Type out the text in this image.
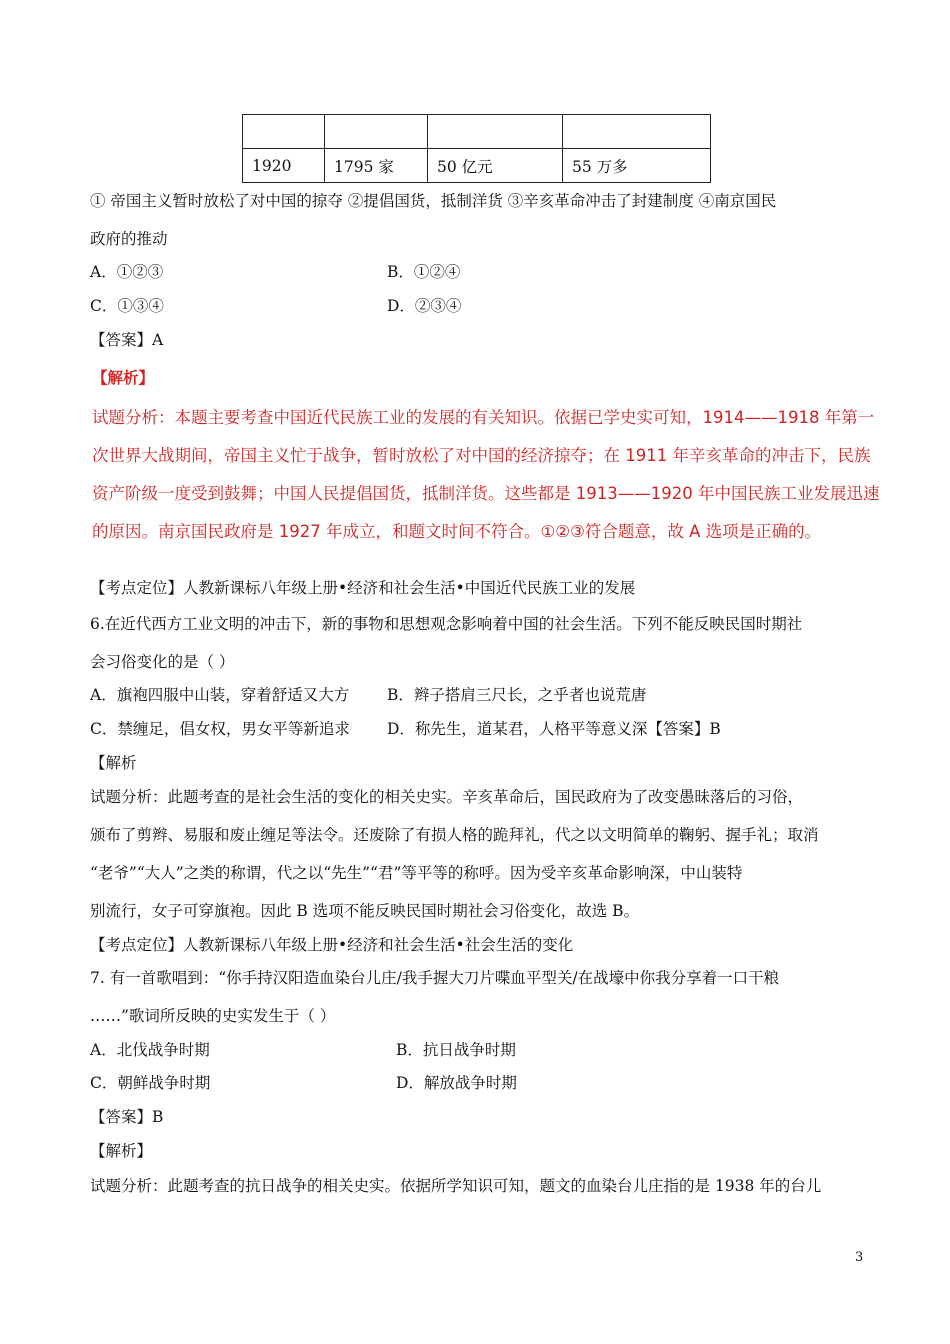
1920	1795 家	50 亿元	55 万多
① 帝国主义暂时放松了对中国的掠夺 ②提倡国货，抵制洋货 ③辛亥革命冲击了封建制度 ④南京国民
政府的推动
A．①②③	B．①②④
C．①③④	D．②③④
【答案】A
【解析】
试题分析：本题主要考查中国近代民族工业的发展的有关知识。依据已学史实可知，1914——1918 年第一
次世界大战期间，帝国主义忙于战争，暂时放松了对中国的经济掠夺；在 1911 年辛亥革命的冲击下，民族
资产阶级一度受到鼓舞；中国人民提倡国货，抵制洋货。这些都是 1913——1920 年中国民族工业发展迅速
的原因。南京国民政府是 1927 年成立，和题文时间不符合。①②③符合题意，故 A 选项是正确的。
【考点定位】人教新课标八年级上册•经济和社会生活•中国近代民族工业的发展
6.在近代西方工业文明的冲击下，新的事物和思想观念影响着中国的社会生活。下列不能反映民国时期社
会习俗变化的是（ ）
A．旗袍四服中山装，穿着舒适又大方 B．辫子搭肩三尺长，之乎者也说荒唐
C．禁缠足，倡女权，男女平等新追求 D．称先生，道某君，人格平等意义深【答案】B
【解析
试题分析：此题考查的是社会生活的变化的相关史实。辛亥革命后，国民政府为了改变愚昧落后的习俗，
颁布了剪辫、易服和废止缠足等法令。还废除了有损人格的跪拜礼，代之以文明简单的鞠躬、握手礼；取消
“老爷”“大人”之类的称谓，代之以“先生”“君”等平等的称呼。因为受辛亥革命影响深，中山装特
别流行，女子可穿旗袍。因此 B 选项不能反映民国时期社会习俗变化，故选 B。
【考点定位】人教新课标八年级上册•经济和社会生活•社会生活的变化
7. 有一首歌唱到：“你手持汉阳造血染台儿庄/我手握大刀片喋血平型关/在战壕中你我分享着一口干粮
……”歌词所反映的史实发生于（ ）
A．北伐战争时期	B．抗日战争时期
C．朝鲜战争时期	D．解放战争时期
【答案】B
【解析】
试题分析：此题考查的抗日战争的相关史实。依据所学知识可知，题文的血染台儿庄指的是 1938 年的台儿
3
